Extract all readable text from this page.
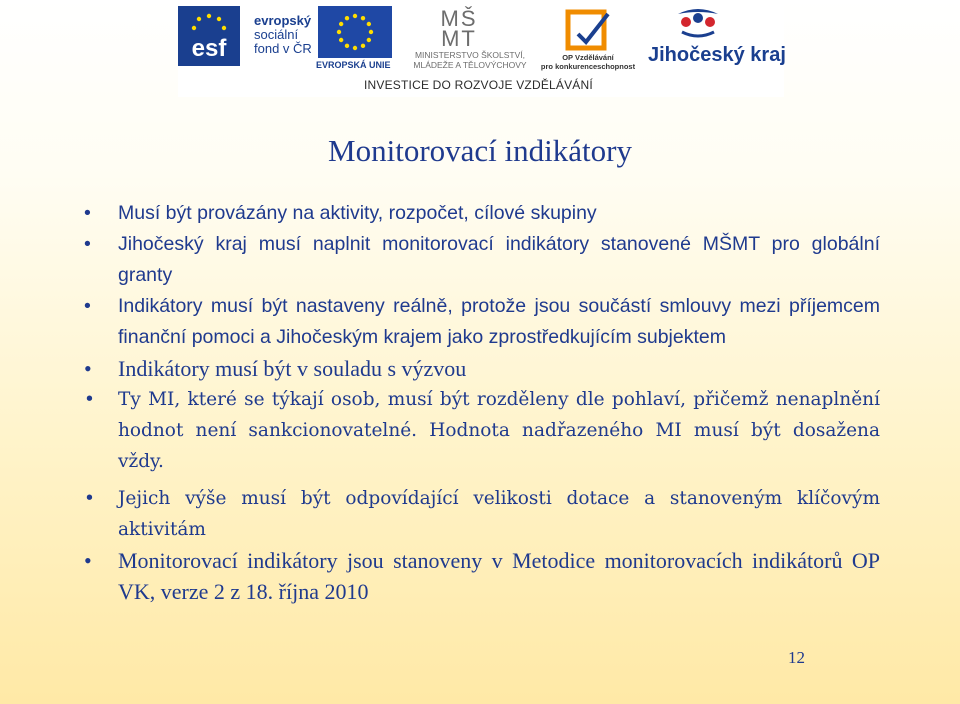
esf
evropský
sociální
fond v ČR
EVROPSKÁ UNIE
MŠ
MT
MINISTERSTVO ŠKOLSTVÍ,
MLÁDEŽE A TĚLOVÝCHOVY
OP Vzdělávání
pro konkurenceschopnost Jihočeský kraj
INVESTICE DO ROZVOJE VZDĚLÁVÁNÍ
Monitorovací indikátory
• Musí být provázány na aktivity, rozpočet, cílové skupiny
• Jihočeský kraj musí naplnit monitorovací indikátory stanovené MŠMT pro globální granty
• Indikátory musí být nastaveny reálně, protože jsou součástí smlouvy mezi příjemcem finanční pomoci a Jihočeským krajem jako zprostředkujícím subjektem
• Indikátory musí být v souladu s výzvou
• Ty MI, které se týkají osob, musí být rozděleny dle pohlaví, přičemž nenaplnění hodnot není sankcionovatelné. Hodnota nadřazeného MI musí být dosažena vždy.
• Jejich výše musí být odpovídající velikosti dotace a stanoveným klíčovým aktivitám
• Monitorovací indikátory jsou stanoveny v Metodice monitorovacích indikátorů OP VK, verze 2 z 18. října 2010
12
